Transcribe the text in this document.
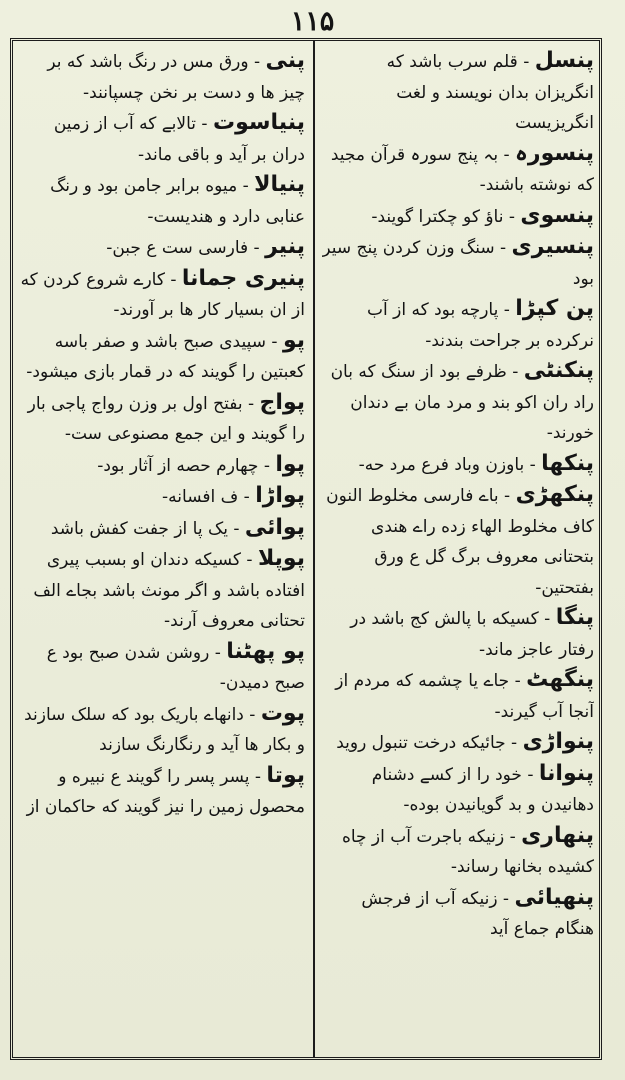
۱۱۵

پنسل - قلم سرب باشد که انگریزان بدان نویسند و لغت انگریزیست

پنسورہ - بہ پنج سورہ قرآن مجید که نوشته باشند-

پنسوی - ناؤ کو چکترا گویند-

پنسیری - سنگ وزن کردن پنج سیر بود

پن کپڑا - پارچه بود که از آب نرکرده بر جراحت بندند-

پنکنٹی - ظرفے بود از سنگ که بان راد ران اکو بند و مرد مان بے دندان خورند-

پنکھا - باوزن وباد فرع مرد حه-

پنکھڑی - باے فارسی مخلوط النون کاف مخلوط الهاء زده راے هندی بتحتانی معروف برگ گل ع ورق بفتحتین-

پنگا - کسیکه با پالش کج باشد در رفتار عاجز ماند-

پنگھٹ - جاے یا چشمه که مردم از آنجا آب گیرند-

پنواڑی - جائیکه درخت تنبول روید

پنوانا - خود را از کسے دشنام دهانیدن و بد گویانیدن بوده-

پنهاری - زنیکه باجرت آب از چاه کشیده بخانها رساند-

پنهیائی - زنیکه آب از فرجش هنگام جماع آید

پنی - ورق مس در رنگ باشد که بر چیز ها و دست بر نخن چسپانند-

پنیاسوت - تالابے که آب از زمین دران بر آید و باقی ماند-

پنیالا - میوه برابر جامن بود و رنگ عنابی دارد و هندیست-

پنیر - فارسی ست ع جبن-

پنیری جمانا - کارے شروع کردن که از ان بسیار کار ها بر آورند-

پو - سپیدی صبح باشد و صفر باسه کعبتین را گویند که در قمار بازی میشود-

پواج - بفتح اول بر وزن رواج پاجی بار را گویند و این جمع مصنوعی ست-

پوا - چهارم حصه از آثار بود-

پواڑا - ف افسانه-

پوائی - یک پا از جفت کفش باشد

پوپلا - کسیکه دندان او بسبب پیری افتاده باشد و اگر مونث باشد بجاے الف تحتانی معروف آرند-

پو پھٹنا - روشن شدن صبح بود ع صبح دمیدن-

پوت - دانهاے باریک بود که سلک سازند و بکار ها آید و رنگارنگ سازند

پوتا - پسر پسر را گویند ع نبیره و محصول زمین را نیز گویند که حاکمان از
